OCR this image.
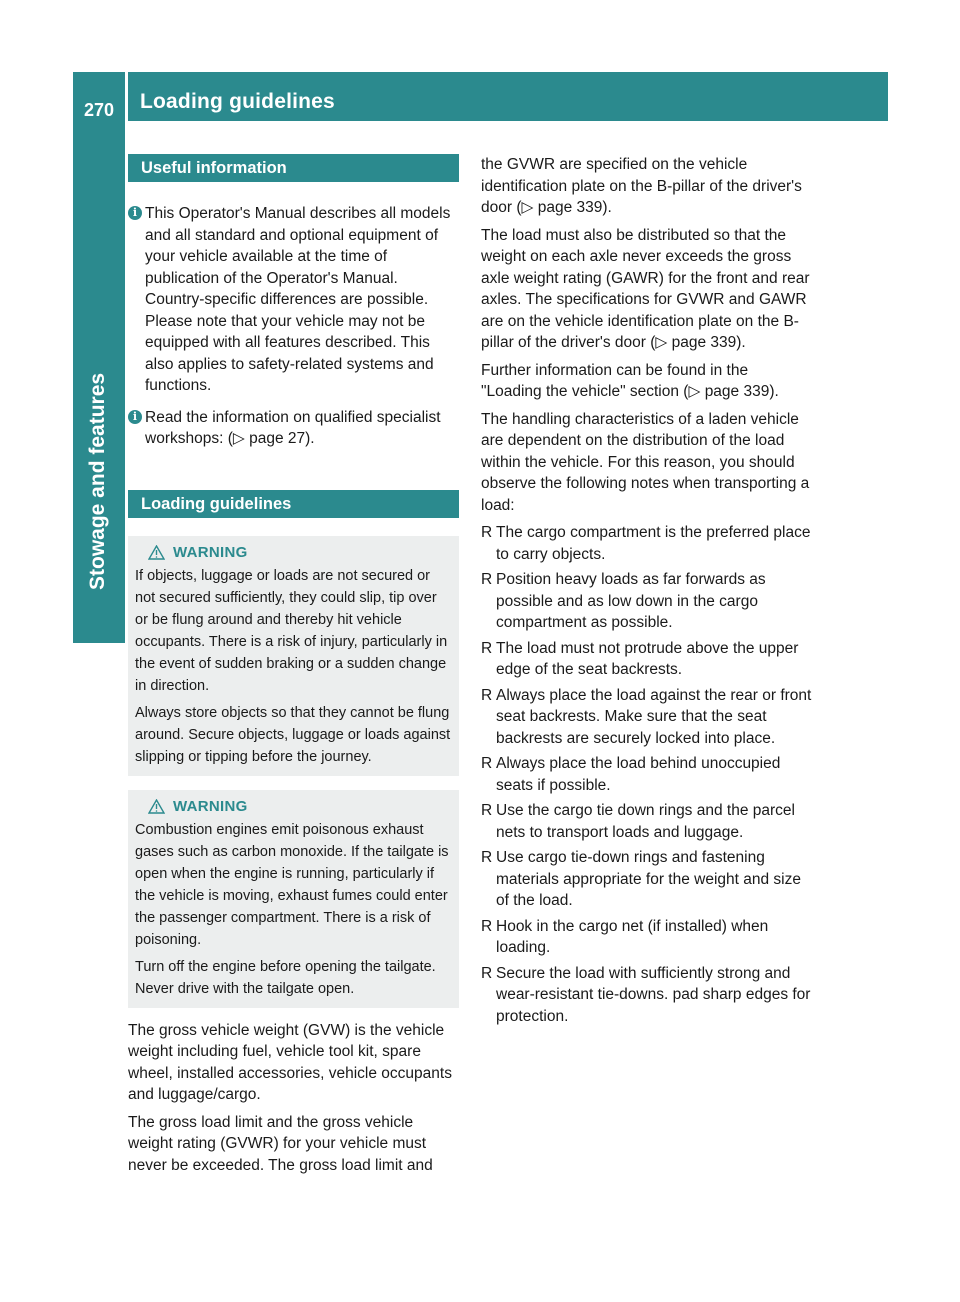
270	Loading guidelines
Stowage and features
Useful information
i This Operator's Manual describes all models and all standard and optional equipment of your vehicle available at the time of publication of the Operator's Manual. Country-specific differences are possible. Please note that your vehicle may not be equipped with all features described. This also applies to safety-related systems and functions.
i Read the information on qualified specialist workshops: (▷ page 27).
Loading guidelines
WARNING

If objects, luggage or loads are not secured or not secured sufficiently, they could slip, tip over or be flung around and thereby hit vehicle occupants. There is a risk of injury, particularly in the event of sudden braking or a sudden change in direction.

Always store objects so that they cannot be flung around. Secure objects, luggage or loads against slipping or tipping before the journey.

WARNING

Combustion engines emit poisonous exhaust gases such as carbon monoxide. If the tailgate is open when the engine is running, particularly if the vehicle is moving, exhaust fumes could enter the passenger compartment. There is a risk of poisoning.

Turn off the engine before opening the tailgate. Never drive with the tailgate open.

The gross vehicle weight (GVW) is the vehicle weight including fuel, vehicle tool kit, spare wheel, installed accessories, vehicle occupants and luggage/cargo.

The gross load limit and the gross vehicle weight rating (GVWR) for your vehicle must never be exceeded. The gross load limit and

the GVWR are specified on the vehicle identification plate on the B-pillar of the driver's door (▷ page 339).

The load must also be distributed so that the weight on each axle never exceeds the gross axle weight rating (GAWR) for the front and rear axles. The specifications for GVWR and GAWR are on the vehicle identification plate on the B-pillar of the driver's door (▷ page 339).

Further information can be found in the "Loading the vehicle" section (▷ page 339).

The handling characteristics of a laden vehicle are dependent on the distribution of the load within the vehicle. For this reason, you should observe the following notes when transporting a load:

R The cargo compartment is the preferred place to carry objects.
R Position heavy loads as far forwards as possible and as low down in the cargo compartment as possible.
R The load must not protrude above the upper edge of the seat backrests.
R Always place the load against the rear or front seat backrests. Make sure that the seat backrests are securely locked into place.
R Always place the load behind unoccupied seats if possible.
R Use the cargo tie down rings and the parcel nets to transport loads and luggage.
R Use cargo tie-down rings and fastening materials appropriate for the weight and size of the load.
R Hook in the cargo net (if installed) when loading.
R Secure the load with sufficiently strong and wear-resistant tie-downs. pad sharp edges for protection.
